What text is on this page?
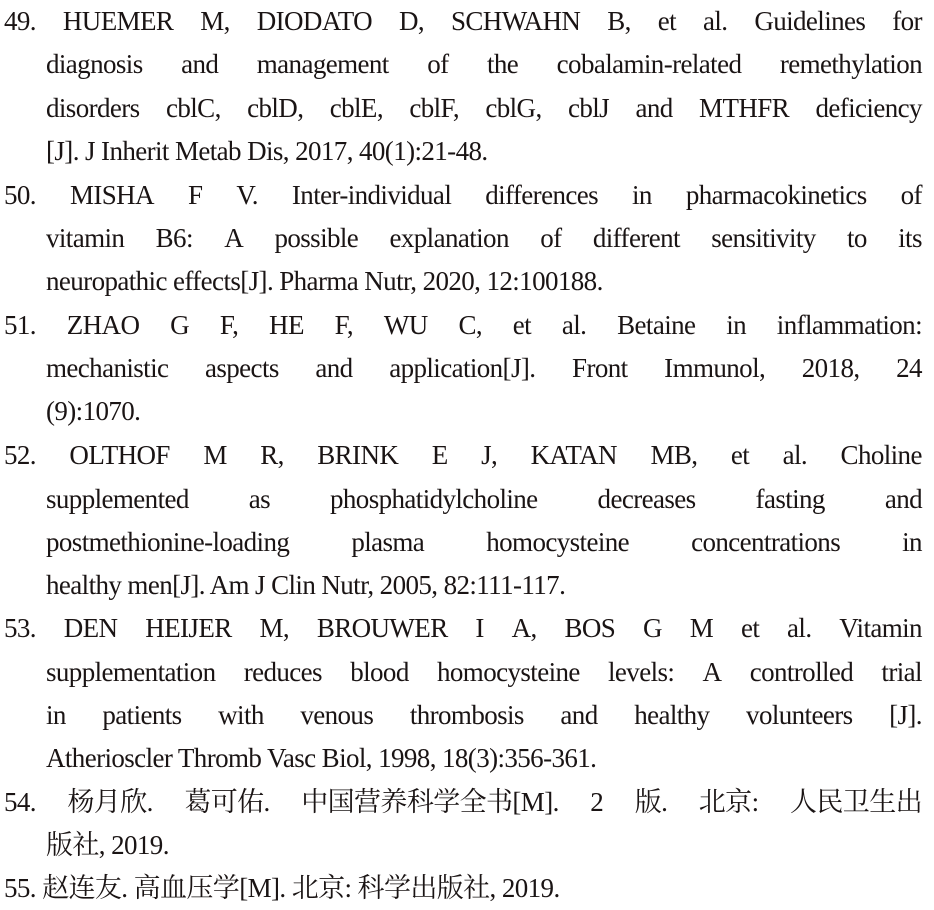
49. HUEMER M, DIODATO D, SCHWAHN B, et al. Guidelines for
diagnosis and management of the cobalamin-related remethylation
disorders cblC, cblD, cblE, cblF, cblG, cblJ and MTHFR deficiency
[J]. J Inherit Metab Dis, 2017, 40(1):21-48.
50. MISHA F V. Inter-individual differences in pharmacokinetics of
vitamin B6: A possible explanation of different sensitivity to its
neuropathic effects[J]. Pharma Nutr, 2020, 12:100188.
51. ZHAO G F, HE F, WU C, et al. Betaine in inflammation:
mechanistic aspects and application[J]. Front Immunol, 2018, 24
(9):1070.
52. OLTHOF M R, BRINK E J, KATAN MB, et al. Choline
supplemented as phosphatidylcholine decreases fasting and
postmethionine-loading plasma homocysteine concentrations in
healthy men[J]. Am J Clin Nutr, 2005, 82:111-117.
53. DEN HEIJER M, BROUWER I A, BOS G M et al. Vitamin
supplementation reduces blood homocysteine levels: A controlled trial
in patients with venous thrombosis and healthy volunteers [J].
Atherioscler Thromb Vasc Biol, 1998, 18(3):356-361.
54. 杨月欣. 葛可佑. 中国营养科学全书[M]. 2 版. 北京: 人民卫生出
版社, 2019.
55. 赵连友. 高血压学[M]. 北京: 科学出版社, 2019.
